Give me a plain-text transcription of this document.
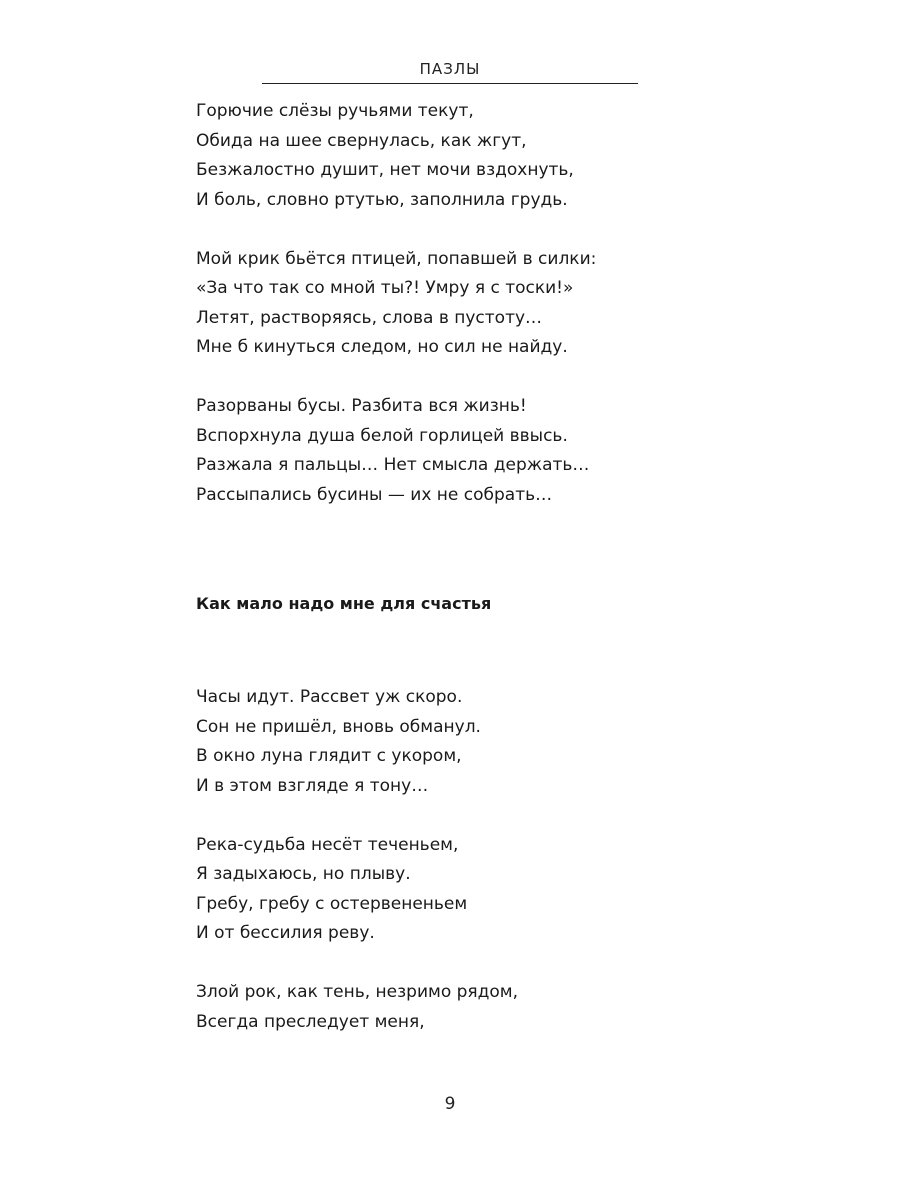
ПАЗЛЫ
Горючие слёзы ручьями текут,
Обида на шее свернулась, как жгут,
Безжалостно душит, нет мочи вздохнуть,
И боль, словно ртутью, заполнила грудь.
Мой крик бьётся птицей, попавшей в силки:
«За что так со мной ты?! Умру я с тоски!»
Летят, растворяясь, слова в пустоту…
Мне б кинуться следом, но сил не найду.
Разорваны бусы. Разбита вся жизнь!
Вспорхнула душа белой горлицей ввысь.
Разжала я пальцы… Нет смысла держать…
Рассыпались бусины — их не собрать…
Как мало надо мне для счастья
Часы идут. Рассвет уж скоро.
Сон не пришёл, вновь обманул.
В окно луна глядит с укором,
И в этом взгляде я тону…
Река-судьба несёт теченьем,
Я задыхаюсь, но плыву.
Гребу, гребу с остервененьем
И от бессилия реву.
Злой рок, как тень, незримо рядом,
Всегда преследует меня,
9
